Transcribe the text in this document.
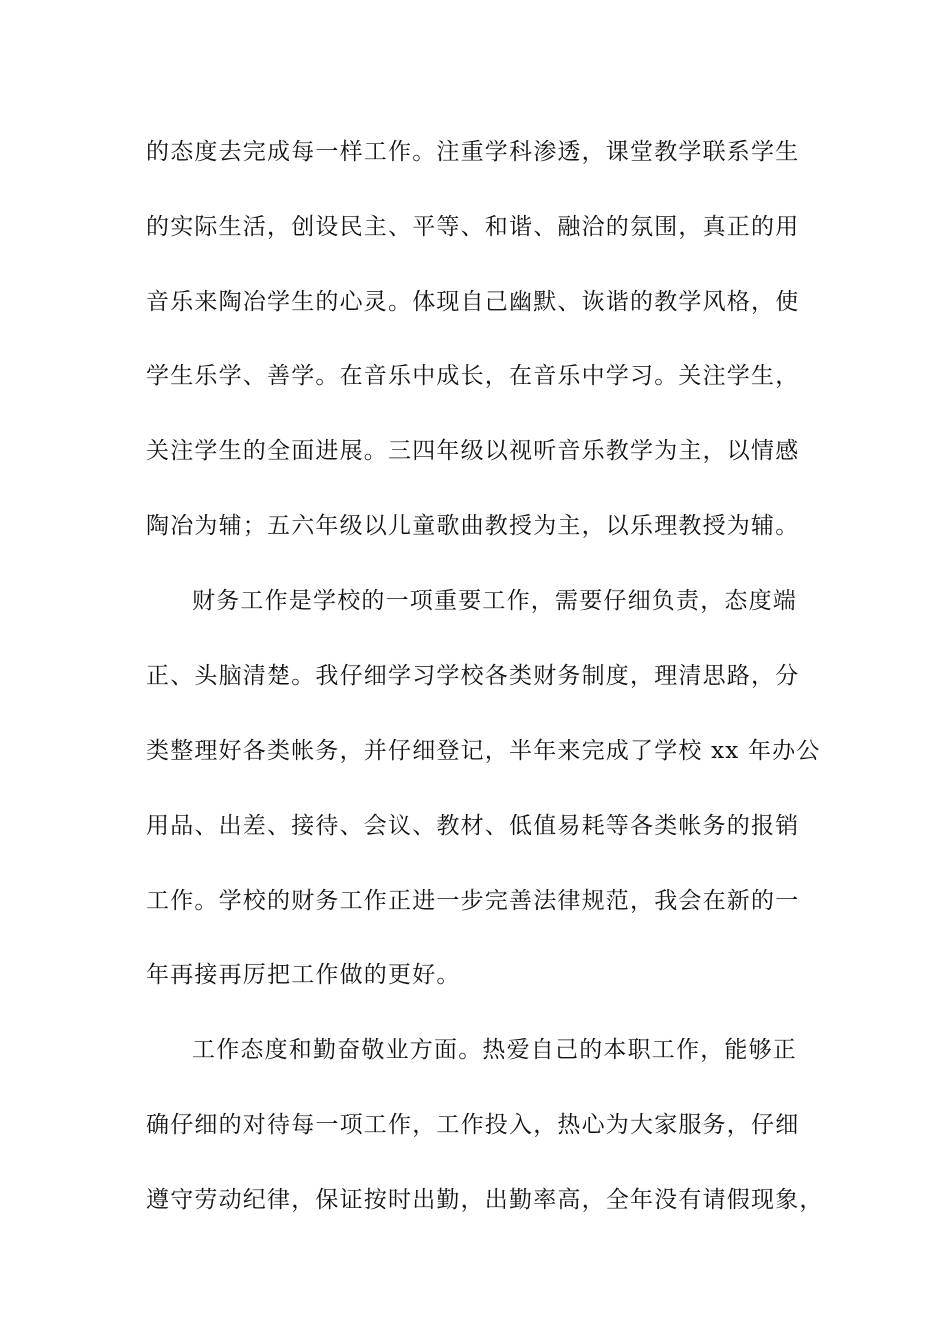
的态度去完成每一样工作。注重学科渗透，课堂教学联系学生
的实际生活，创设民主、平等、和谐、融洽的氛围，真正的用
音乐来陶冶学生的心灵。体现自己幽默、诙谐的教学风格，使
学生乐学、善学。在音乐中成长，在音乐中学习。关注学生，
关注学生的全面进展。三四年级以视听音乐教学为主，以情感
陶冶为辅；五六年级以儿童歌曲教授为主，以乐理教授为辅。
财务工作是学校的一项重要工作，需要仔细负责，态度端
正、头脑清楚。我仔细学习学校各类财务制度，理清思路，分
类整理好各类帐务，并仔细登记，半年来完成了学校 xx 年办公
用品、出差、接待、会议、教材、低值易耗等各类帐务的报销
工作。学校的财务工作正进一步完善法律规范，我会在新的一
年再接再厉把工作做的更好。
工作态度和勤奋敬业方面。热爱自己的本职工作，能够正
确仔细的对待每一项工作，工作投入，热心为大家服务，仔细
遵守劳动纪律，保证按时出勤，出勤率高，全年没有请假现象，
